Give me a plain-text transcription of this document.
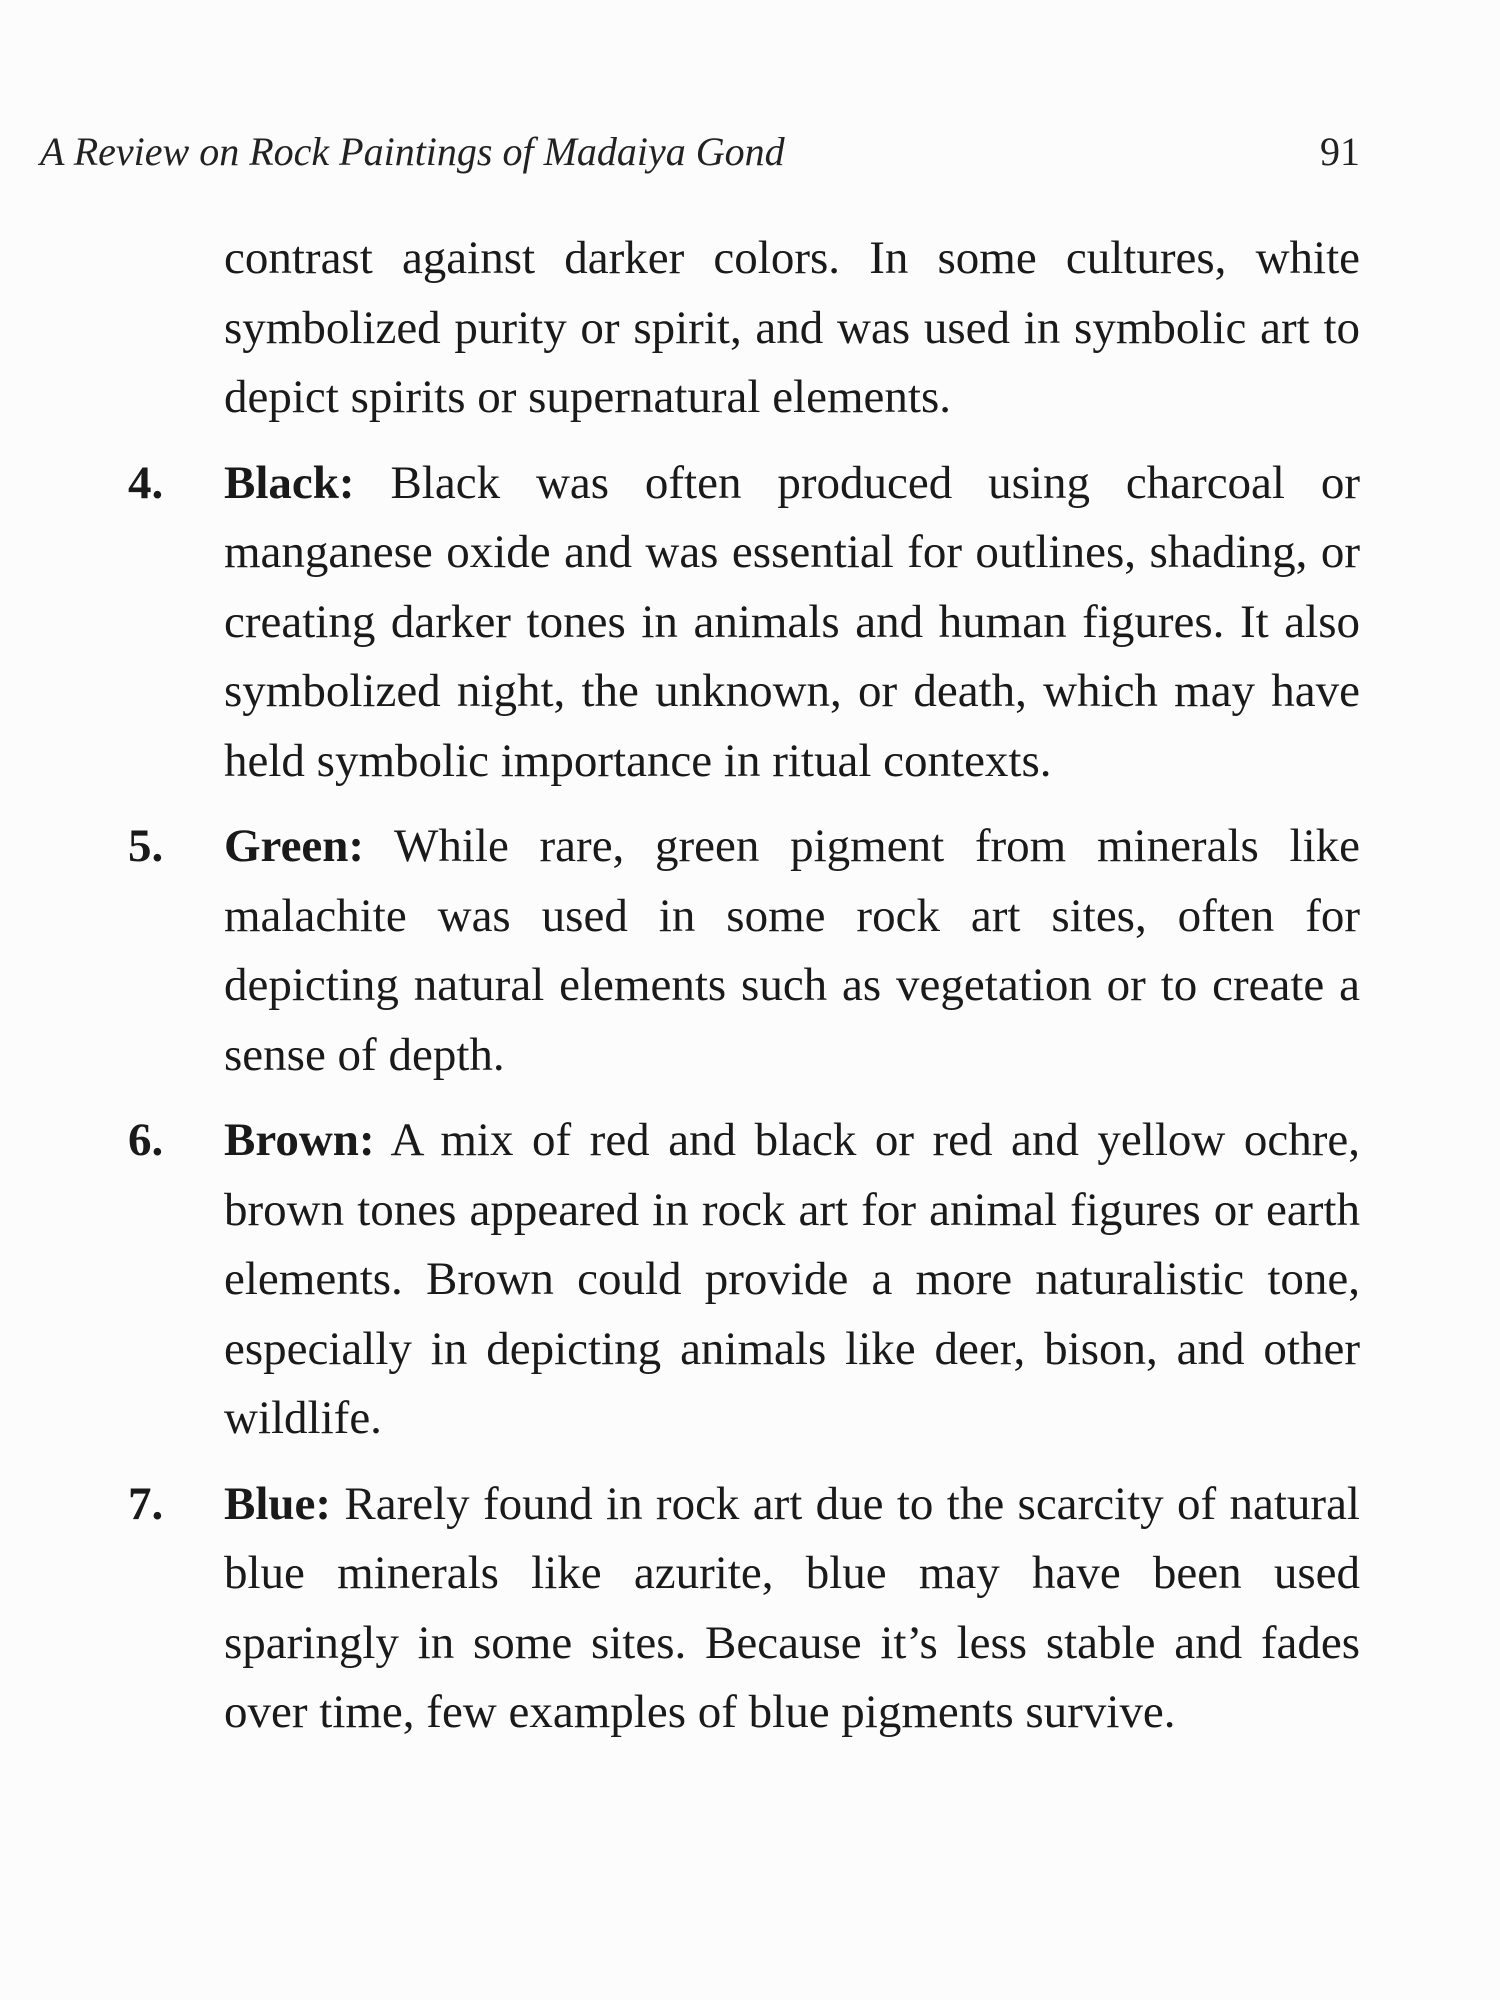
A Review on Rock Paintings of Madaiya Gond	91

contrast against darker colors. In some cultures, white symbolized purity or spirit, and was used in symbolic art to depict spirits or supernatural elements.

4. Black: Black was often produced using charcoal or manganese oxide and was essential for outlines, shading, or creating darker tones in animals and human figures. It also symbolized night, the unknown, or death, which may have held symbolic importance in ritual contexts.

5. Green: While rare, green pigment from minerals like malachite was used in some rock art sites, often for depicting natural elements such as vegetation or to create a sense of depth.

6. Brown: A mix of red and black or red and yellow ochre, brown tones appeared in rock art for animal figures or earth elements. Brown could provide a more naturalistic tone, especially in depicting animals like deer, bison, and other wildlife.

7. Blue: Rarely found in rock art due to the scarcity of natural blue minerals like azurite, blue may have been used sparingly in some sites. Because it’s less stable and fades over time, few examples of blue pigments survive.
